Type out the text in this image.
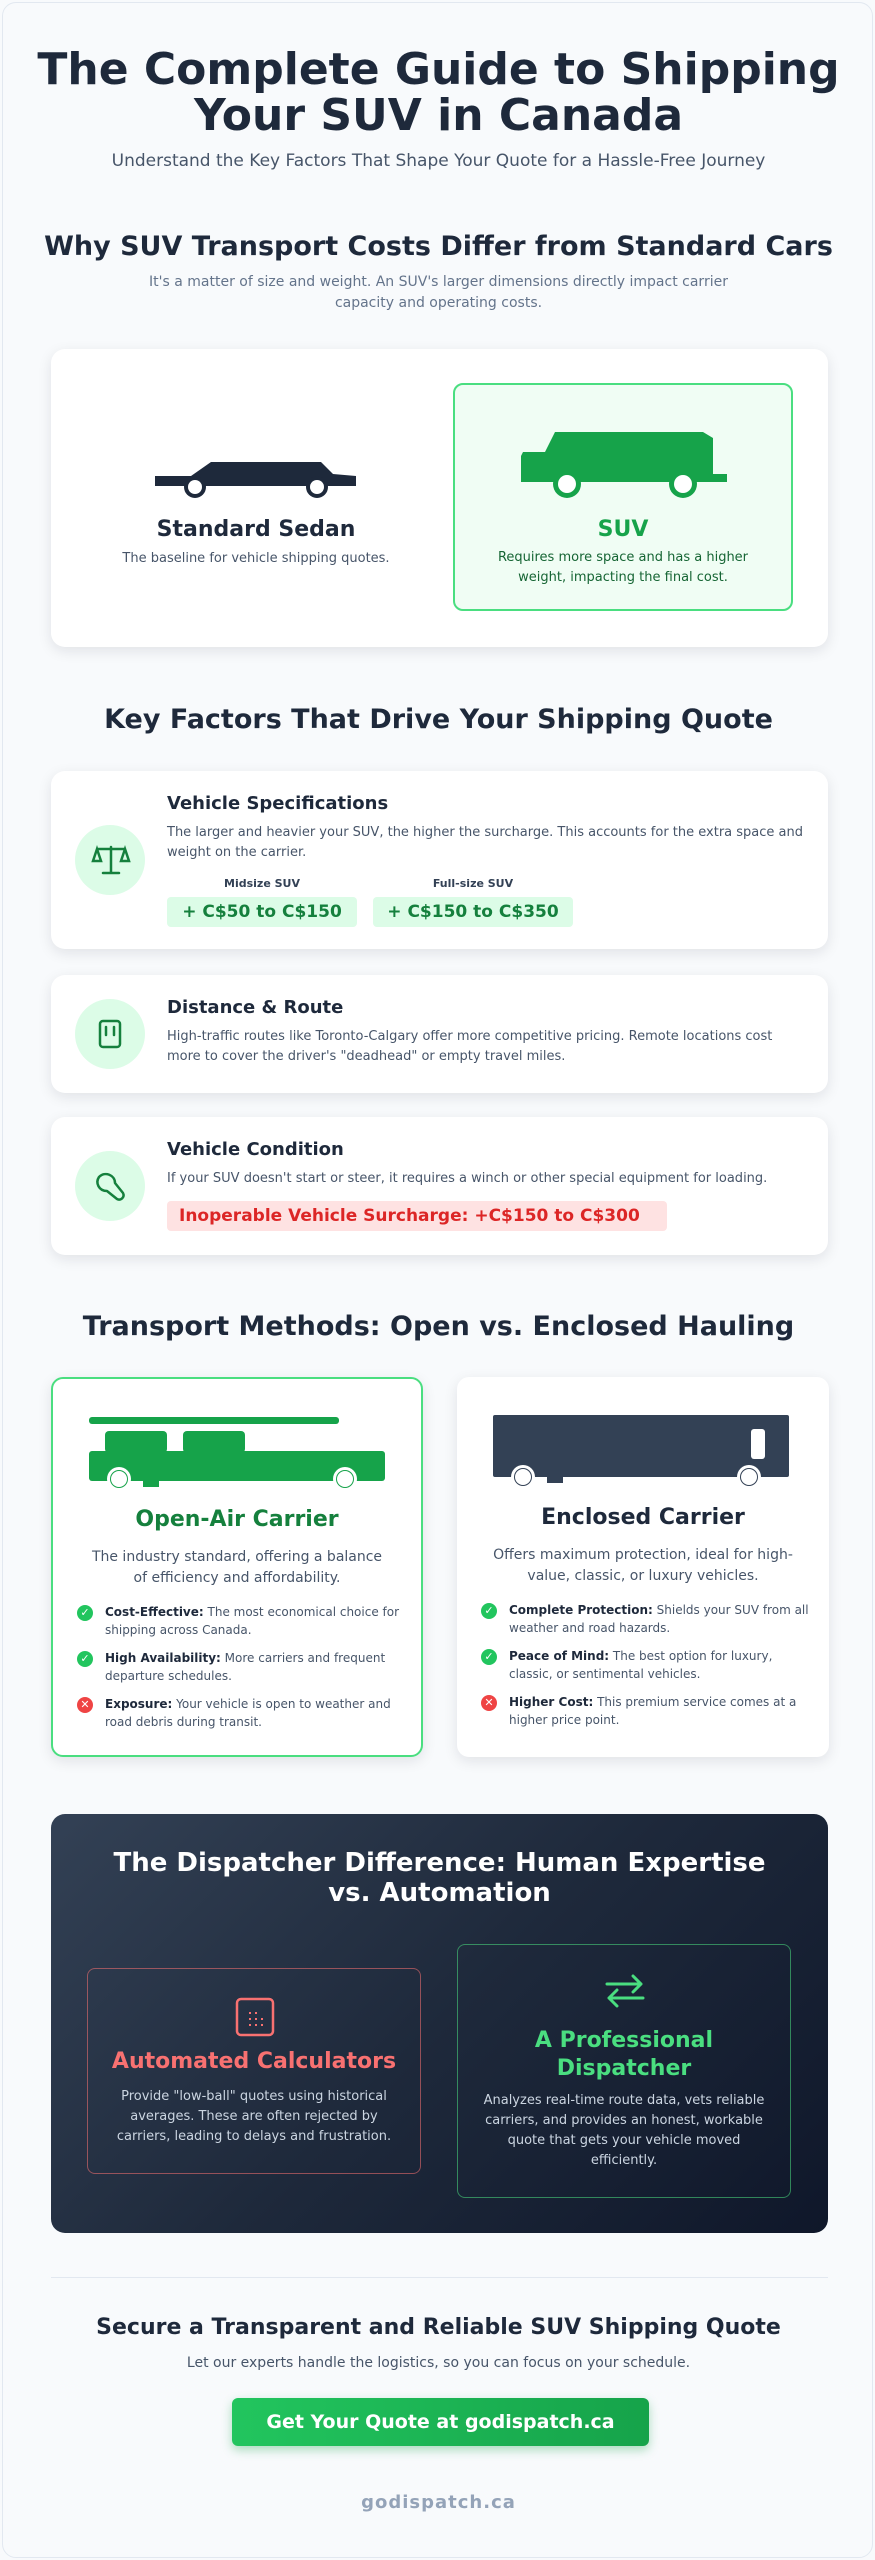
The Complete Guide to Shipping
Your SUV in Canada
Understand the Key Factors That Shape Your Quote for a Hassle-Free Journey
Why SUV Transport Costs Differ from Standard Cars
It's a matter of size and weight. An SUV's larger dimensions directly impact carrier capacity and operating costs.
Standard Sedan
The baseline for vehicle shipping quotes.
SUV
Requires more space and has a higher weight, impacting the final cost.
Key Factors That Drive Your Shipping Quote
Vehicle Specifications
The larger and heavier your SUV, the higher the surcharge. This accounts for the extra space and weight on the carrier.
Midsize SUV
+ C$50 to C$150
Full-size SUV
+ C$150 to C$350
Distance & Route
High-traffic routes like Toronto-Calgary offer more competitive pricing. Remote locations cost more to cover the driver's "deadhead" or empty travel miles.
Vehicle Condition
If your SUV doesn't start or steer, it requires a winch or other special equipment for loading.
Inoperable Vehicle Surcharge: +C$150 to C$300
Transport Methods: Open vs. Enclosed Hauling
Open-Air Carrier
The industry standard, offering a balance of efficiency and affordability.
✓ Cost-Effective: The most economical choice for shipping across Canada.
✓ High Availability: More carriers and frequent departure schedules.
✕ Exposure: Your vehicle is open to weather and road debris during transit.
Enclosed Carrier
Offers maximum protection, ideal for high-value, classic, or luxury vehicles.
✓ Complete Protection: Shields your SUV from all weather and road hazards.
✓ Peace of Mind: The best option for luxury, classic, or sentimental vehicles.
✕ Higher Cost: This premium service comes at a higher price point.
The Dispatcher Difference: Human Expertise
vs. Automation
Automated Calculators
Provide "low-ball" quotes using historical averages. These are often rejected by carriers, leading to delays and frustration.
A Professional
Dispatcher
Analyzes real-time route data, vets reliable carriers, and provides an honest, workable quote that gets your vehicle moved efficiently.
Secure a Transparent and Reliable SUV Shipping Quote
Let our experts handle the logistics, so you can focus on your schedule.
Get Your Quote at godispatch.ca
godispatch.ca
